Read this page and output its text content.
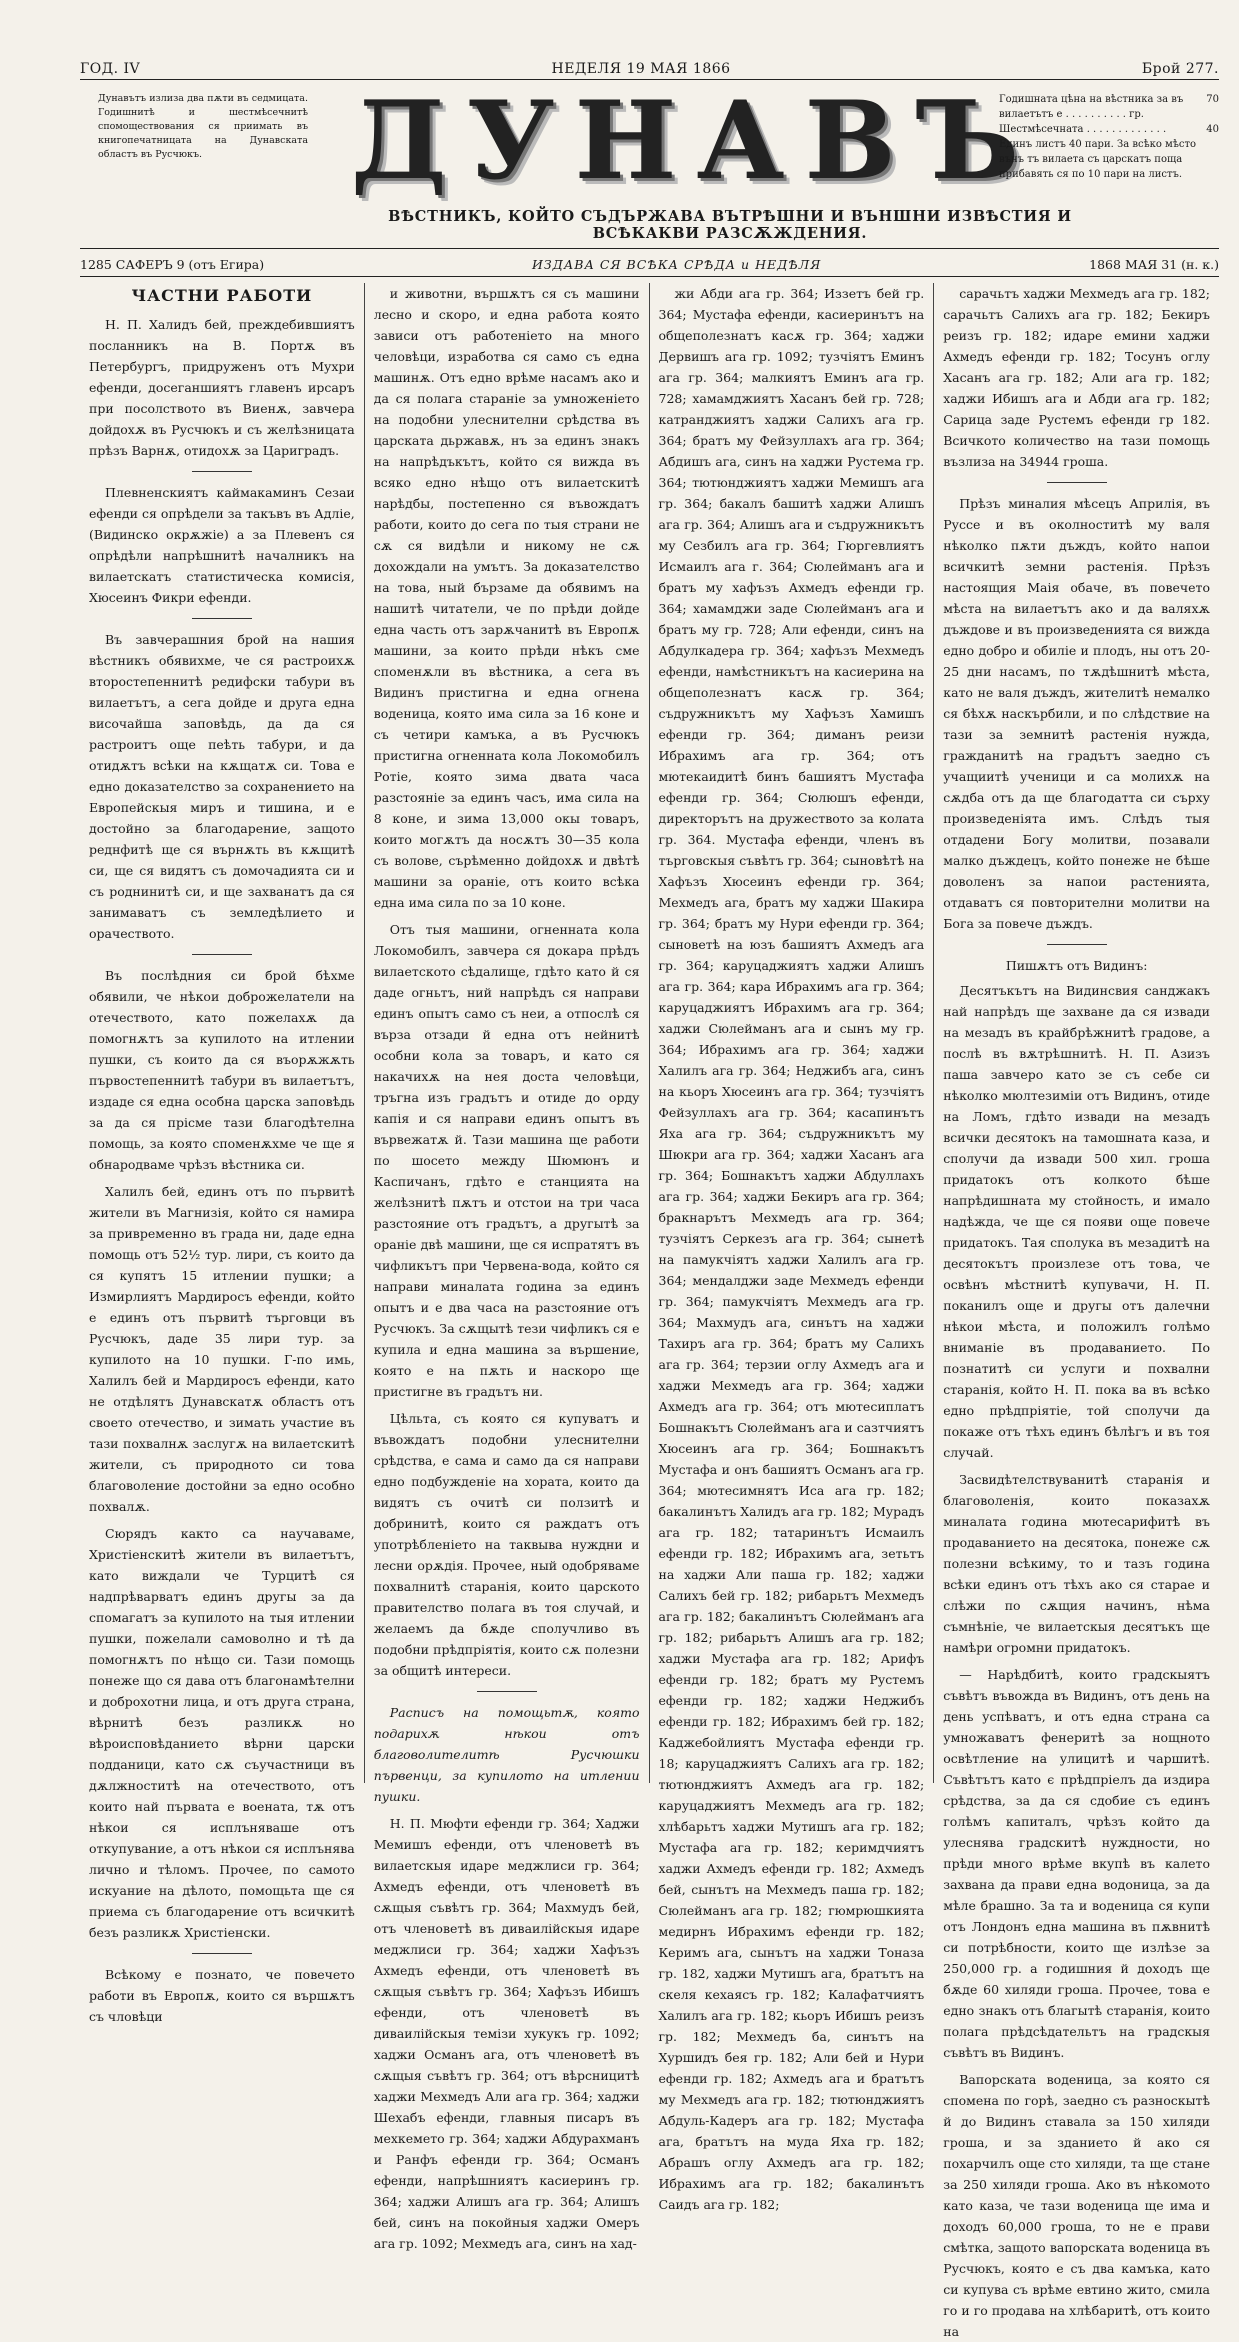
ГОД. IV	НЕДЕЛЯ 19 МАЯ 1866	Брой 277.
Дунавътъ излиза два пѫти въ седмицата. Годишнитѣ и шестмѣсечнитѣ спомоществования ся приимать въ книгопечатницата на Дунавската областъ въ Русчюкъ.	ДУНАВЪ
ВѢСТНИКЪ, КОЙТО СЪДЪРЖАВА ВЪТРѢШНИ И ВЪНШНИ ИЗВѢСТИЯ И ВСѢКАКВИ РАЗСѪЖДЕНИЯ.
Годишната цѣна на вѣстника за въ вилаетътъ е . . . . . . . . . . гр.
70
Шестмѣсечната . . . . . . . . . . . . .	40
Единъ листъ 40 пари. За всѣко мѣсто вънъ тъ вилаета съ царскатъ поща прибавять ся по 10 пари на листъ.
1285 САФЕРЪ 9 (отъ Егира)	ИЗДАВА СЯ ВСѢКА СРѢДА и НЕДѢЛЯ	1868 МАЯ 31 (н. к.)
ЧАСТНИ РАБОТИ

Н. П. Халидъ бей, преждебившиятъ посланникъ на В. Портѫ въ Петербургъ, придруженъ отъ Мухри ефенди, досеганшиятъ главенъ ирсаръ при посолството въ Виенѫ, завчера дойдохѫ въ Русчюкъ и съ желѣзницата прѣзъ Варнѫ, отидохѫ за Цариградъ.

Плевненскиятъ каймакаминъ Сезаи ефенди ся опрѣдели за такъвъ въ Адліе, (Видинско окрѫжіе) а за Плевенъ ся опрѣдѣли напрѣшнитѣ началникъ на вилаетскатъ статистическа комисія, Хюсеинъ Фикри ефенди.

Въ завчерашния брой на нашия вѣстникъ обявихме, че ся растроихѫ второстепеннитѣ редифски табури въ вилаетътъ, а сега дойде и друга една височайша заповѣдь, да да ся растроитъ още пеѣть табури, и да отидѫтъ всѣки на кѫщатѫ си. Това е едно доказателство за сохранението на Европейскыя миръ и тишина, и е достойно за благодарение, защото реднфитѣ ще ся върнѫть въ кѫщитѣ си, ще ся видятъ съ домочадията си и съ роднинитѣ си, и ще захванатъ да ся занимаватъ съ земледѣлието и орачеството.

Въ послѣдния си брой бѣхме обявили, че нѣкои доброжелатели на отечеството, като пожелахѫ да помогнѫтъ за купилото на итлении пушки, съ които да ся въорѫжѫть първостепеннитѣ табури въ вилаетътъ, издаде ся една особна царска заповѣдь за да ся прісме тази благодѣтелна помощь, за която споменѫхме че ще я обнародваме чрѣзъ вѣстника си.

Халилъ бей, единъ отъ по първитѣ жители въ Магнизія, който ся намира за привременно въ града ни, даде една помощь отъ 52½ тур. лири, съ които да ся купятъ 15 итлении пушки; а Измирлиятъ Мардиросъ ефенди, който е единъ отъ първитѣ търговци въ Русчюкъ, даде 35 лири тур. за купилото на 10 пушки. Г-по имь, Халилъ бей и Мардиросъ ефенди, като не отдѣлятъ Дунавскатѫ областъ отъ своето отечество, и зимать участие въ тази похвалнѫ заслугѫ на вилаетскитѣ жители, съ природното си това благоволение достойни за едно особно похвалѫ.

Сюрядъ както са научаваме, Христіенскитѣ жители въ вилаетътъ, като виждали че Турцитѣ ся надпрѣварватъ единъ другы за да спомагатъ за купилото на тыя итлении пушки, пожелали самоволно и тѣ да помогнѫтъ по нѣщо си. Тази помощь понеже що ся дава отъ благонамѣтелни и доброхотни лица, и отъ друга страна, вѣрнитѣ безъ разликѫ но вѣроисповѣданието вѣрни царски подданици, като сѫ съучастници въ дѫлжноститѣ на отечеството, отъ които най първата е воената, тѫ отъ нѣкои ся исплъняваше отъ откупувание, а отъ нѣкои ся исплънява лично и тѣломъ. Прочее, по самото искуание на дѣлото, помощьта ще ся приема съ благодарение отъ всичкитѣ безъ разликѫ Христіенски.

Всѣкому е познато, че повечето работи въ Европѫ, които ся вършѫтъ съ чловѣци

и животни, вършѫтъ ся съ машини лесно и скоро, и една работа която зависи отъ работеніето на много человѣци, изработва ся само съ една машинѫ. Отъ едно врѣме насамъ ако и да ся полага стараніе за умноженіето на подобни улеснителни срѣдства въ царската дьржавѫ, нъ за единъ знакъ на напрѣдъкътъ, който ся вижда въ всяко едно нѣщо отъ вилаетскитѣ нарѣдбы, постепенно ся въвождатъ работи, които до сега по тыя страни не сѫ ся видѣли и никому не сѫ дохождали на умътъ. За доказателство на това, ный бързаме да обявимъ на нашитѣ читатели, че по прѣди дойде една часть отъ зарѫчанитѣ въ Европѫ машини, за които прѣди нѣкъ сме споменѫли въ вѣстника, а сега въ Видинъ пристигна и една огнена воденица, която има сила за 16 коне и съ четири камъка, а въ Русчюкъ пристигна огненната кола Локомобилъ Ротіе, която зима двата часа разстояніе за единъ часъ, има сила на 8 коне, и зима 13,000 окы товаръ, които могѫтъ да носѫтъ 30—35 кола съ волове, сърѣменно дойдохѫ и двѣтѣ машини за оранiе, отъ които всѣка една има сила по за 10 коне.

Отъ тыя машини, огненната кола Локомобилъ, завчера ся докара прѣдъ вилаетското сѣдалище, гдѣто като й ся даде огньтъ, ний напрѣдъ ся направи единъ опытъ само съ неи, а отпослѣ ся върза отзади й една отъ нейнитѣ особни кола за товаръ, и като ся накачихѫ на нея доста человѣци, тръгна изъ градътъ и отиде до орду капiя и ся направи единъ опытъ въ вървежатѫ й. Тази машина ще работи по шосето между Шюмюнъ и Каспичанъ, гдѣто е станцията на желѣзнитѣ пѫтъ и отстои на три часа разстояние отъ градътъ, а другытѣ за оранiе двѣ машини, ще ся испратятъ въ чифликътъ при Червена-вода, който ся направи миналата година за единъ опытъ и е два часа на разстояние отъ Русчюкъ. За сѫщытѣ тези чифликъ ся е купила и една машина за вършение, която е на пѫть и наскоро ще пристигне въ градътъ ни.

Цѣльта, съ която ся купуватъ и въвождатъ подобни улеснителни срѣдства, е сама и само да ся направи едно подбужденіе на хората, които да видятъ съ очитѣ си ползитѣ и добринитѣ, които ся раждатъ отъ употрѣбленіето на таквыва нуждни и лесни орѫдія. Прочее, ный одобряваме похвалнитѣ старанія, които царското правителство полага въ тоя случай, и желаемъ да бѫде сполучливо въ подобни прѣдпріятія, които сѫ полезни за общитѣ интереси.

Расписъ на помощьтѫ, която подарихѫ нѣкои отъ благоволителитѣ Русчюшки първенци, за купилото на итлении пушки.

Н. П. Мюфти ефенди гр. 364; Хаджи Мемишъ ефенди, отъ членоветѣ въ вилаетскыя идаре меджлиси гр. 364; Ахмедъ ефенди, отъ членоветѣ въ сѫщыя съвѣтъ гр. 364; Махмудъ бей, отъ членоветѣ въ диваилійскыя идаре меджлиси гр. 364; хаджи Хафъзъ Ахмедъ ефенди, отъ членоветѣ въ сѫщыя съвѣтъ гр. 364; Хафъзъ Ибишъ ефенди, отъ членоветѣ въ диваилійскыя темізи хукукъ гр. 1092; хаджи Османъ ага, отъ членоветѣ въ сѫщыя съвѣтъ гр. 364; отъ вѣрсницитѣ хаджи Мехмедъ Али ага гр. 364; хаджи Шехабъ ефенди, главныя писаръ въ мехкемето гр. 364; хаджи Абдурахманъ и Ранфъ ефенди гр. 364; Османъ ефенди, напрѣшниятъ касиеринъ гр. 364; хаджи Алишъ ага гр. 364; Алишъ бей, синъ на покойныя хаджи Омеръ ага гр. 1092; Мехмедъ ага, синъ на хад-

жи Абди ага гр. 364; Иззетъ бей гр. 364; Мустафа ефенди, касиеринътъ на общеполезнатъ касѫ гр. 364; хаджи Дервишъ ага гр. 1092; тузчіятъ Еминъ ага гр. 364; малкиятъ Еминъ ага гр. 728; хамамджиятъ Хасанъ бей гр. 728; катранджиятъ хаджи Салихъ ага гр. 364; братъ му Фейзуллахъ ага гр. 364; Абдишъ ага, синъ на хаджи Рустема гр. 364; тютюнджиятъ хаджи Мемишъ ага гр. 364; бакалъ башитѣ хаджи Алишъ ага гр. 364; Алишъ ага и съдружникътъ му Сезбилъ ага гр. 364; Гюргевлиятъ Исмаилъ ага г. 364; Сюлейманъ ага и братъ му хафъзъ Ахмедъ ефенди гр. 364; хамамджи заде Сюлейманъ ага и братъ му гр. 728; Али ефенди, синъ на Абдулкадера гр. 364; хафъзъ Мехмедъ ефенди, намѣстникътъ на касиерина на общеполезнатъ касѫ гр. 364; съдружникътъ му Хафъзъ Хамишъ ефенди гр. 364; диманъ реизи Ибрахимъ ага гр. 364; отъ мютекаидитѣ бинъ башиятъ Мустафа ефенди гр. 364; Сюлюшъ ефенди, директорътъ на дружеството за колата гр. 364. Мустафа ефенди, членъ въ търговскыя съвѣтъ гр. 364; сыновѣтѣ на Хафъзъ Хюсеинъ ефенди гр. 364; Мехмедъ ага, братъ му хаджи Шакира гр. 364; братъ му Нури ефенди гр. 364; сыноветѣ на юзъ башиятъ Ахмедъ ага гр. 364; каруцаджиятъ хаджи Алишъ ага гр. 364; кара Ибрахимъ ага гр. 364; каруцаджиятъ Ибрахимъ ага гр. 364; хаджи Сюлейманъ ага и сынъ му гр. 364; Ибрахимъ ага гр. 364; хаджи Халилъ ага гр. 364; Неджибъ ага, синъ на кьоръ Хюсеинъ ага гр. 364; тузчіятъ Фейзуллахъ ага гр. 364; касапинътъ Яха ага гр. 364; съдружникътъ му Шюкри ага гр. 364; хаджи Хасанъ ага гр. 364; Бошнакътъ хаджи Абдуллахъ ага гр. 364; хаджи Бекиръ ага гр. 364; бракнарътъ Мехмедъ ага гр. 364; тузчіятъ Серкезъ ага гр. 364; сынетѣ на памукчіятъ хаджи Халилъ ага гр. 364; мендалджи заде Мехмедъ ефенди гр. 364; памукчіятъ Мехмедъ ага гр. 364; Махмудъ ага, синътъ на хаджи Тахиръ ага гр. 364; братъ му Салихъ ага гр. 364; терзии оглу Ахмедъ ага и хаджи Мехмедъ ага гр. 364; хаджи Ахмедъ ага гр. 364; отъ мютесиплатъ Бошнакътъ Сюлейманъ ага и сазтчиятъ Хюсеинъ ага гр. 364; Бошнакътъ Мустафа и онъ башиятъ Османъ ага гр. 364; мютесимнятъ Иса ага гр. 182; бакалинътъ Халидъ ага гр. 182; Мурадъ ага гр. 182; татаринътъ Исмаилъ ефенди гр. 182; Ибрахимъ ага, зетьтъ на хаджи Али паша гр. 182; хаджи Салихъ бей гр. 182; рибарьтъ Мехмедъ ага гр. 182; бакалинътъ Сюлейманъ ага гр. 182; рибарьтъ Алишъ ага гр. 182; хаджи Мустафа ага гр. 182; Арифъ ефенди гр. 182; братъ му Рустемъ ефенди гр. 182; хаджи Неджибъ ефенди гр. 182; Ибрахимъ бей гр. 182; Каджебойлиятъ Мустафа ефенди гр. 18; каруцаджиятъ Салихъ ага гр. 182; тютюнджиятъ Ахмедъ ага гр. 182; каруцаджиятъ Мехмедъ ага гр. 182; хлѣбарьтъ хаджи Мутишъ ага гр. 182; Мустафа ага гр. 182; керимдчиятъ хаджи Ахмедъ ефенди гр. 182; Ахмедъ бей, сынътъ на Мехмедъ паша гр. 182; Сюлейманъ ага гр. 182; гюмрюшкията медирнъ Ибрахимъ ефенди гр. 182; Керимъ ага, сынътъ на хаджи Тоназа гр. 182, хаджи Мутишъ ага, братътъ на скеля кехаясъ гр. 182; Калафатчиятъ Халилъ ага гр. 182; кьоръ Ибишъ реизъ гр. 182; Мехмедъ ба, синътъ на Хуршидъ бея гр. 182; Али бей и Нури ефенди гр. 182; Ахмедъ ага и братътъ му Мехмедъ ага гр. 182; тютюнджиятъ Абдуль-Кадеръ ага гр. 182; Мустафа ага, братътъ на муда Яха гр. 182; Абрашъ оглу Ахмедъ ага гр. 182; Ибрахимъ ага гр. 182; бакалинътъ Саидъ ага гр. 182;

сарачьтъ хаджи Мехмедъ ага гр. 182; сарачьтъ Салихъ ага гр. 182; Бекиръ реизъ гр. 182; идаре емини хаджи Ахмедъ ефенди гр. 182; Тосунъ оглу Хасанъ ага гр. 182; Али ага гр. 182; хаджи Ибишъ ага и Абди ага гр. 182; Сарица заде Рустемъ ефенди гр 182. Всичкото количество на тази помощь възлиза на 34944 гроша.

Прѣзъ миналия мѣсецъ Априлія, въ Руссе и въ околноститѣ му валя нѣколко пѫти дъждъ, който напои всичкитѣ земни растенія. Прѣзъ настоящия Маія обаче, въ повечето мѣста на вилаетътъ ако и да валяхѫ дъждове и въ произведенията ся вижда едно добро и обиліе и плодъ, ны отъ 20-25 дни насамъ, по тѫдѣшнитѣ мѣста, като не валя дъждъ, жителитѣ немалко ся бѣхѫ наскърбили, и по слѣдствие на тази за земнитѣ растенія нужда, гражданитѣ на градътъ заедно съ учащиитѣ ученици и са молихѫ на сѫдба отъ да ще благодатта си сърху произведеніята имъ. Слѣдъ тыя отдадени Богу молитви, позавали малко дъждецъ, който понеже не бѣше доволенъ за напои растенията, отдаватъ ся повторителни молитви на Бога за повече дъждъ.

Пишѫтъ отъ Видинъ:

Десятъкътъ на Видинсвия санджакъ най напрѣдъ ще захване да ся извади на мезадъ въ крайбрѣжнитѣ градове, а послѣ въ вѫтрѣшнитѣ. Н. П. Азизъ паша завчеро като зе съ себе си нѣколко мюлтезиміи отъ Видинъ, отиде на Ломъ, гдѣто извади на мезадъ всички десятокъ на тамошната каза, и сполучи да извади 500 хил. гроша придатокъ отъ колкото бѣше напрѣдишната му стойность, и имало надѣжда, че ще ся появи още повече придатокъ. Тая сполука въ мезадитѣ на десятокътъ произлезе отъ това, че освѣнъ мѣстнитѣ купувачи, Н. П. поканилъ още и другы отъ далечни нѣкои мѣста, и положилъ голѣмо вниманіе въ продаванието. По познатитѣ си услуги и похвални старанія, който Н. П. пока ва въ всѣко едно прѣдпріятіе, той сполучи да покаже отъ тѣхъ единъ бѣлѣгъ и въ тоя случай.

Засвидѣтелствуванитѣ старанія и благоволенія, които показахѫ миналата година мютесарифитѣ въ продаванието на десятока, понеже сѫ полезни всѣкиму, то и тазъ година всѣки единъ отъ тѣхъ ако ся стараe и слѣжи по сѫщия начинъ, нѣма съмнѣніе, че вилаетскыя десятъкъ ще намѣри огромни придатокъ.

— Нарѣдбитѣ, които градскыятъ съвѣтъ въвожда въ Видинъ, отъ день на день успѣватъ, и отъ една страна са умножаватъ фенеритѣ за нощното освѣтление на улицитѣ и чаршитѣ. Съвѣтътъ като є прѣдпріелъ да издира срѣдства, за да ся сдобие съ единъ голѣмъ капиталъ, чрѣзъ който да улеснява градскитѣ нуждности, но прѣди много врѣме вкупѣ въ калето захвана да прави една водоница, за да мѣле брашно. За та и воденица ся купи отъ Лондонъ една машина въ пѫвнитѣ си потрѣбности, които ще излѣзе за 250,000 гр. а годишния й доходъ ще бѫде 60 хиляди гроша. Прочее, това е едно знакъ отъ благытѣ старанія, които полага прѣдсѣдательтъ на градскыя съвѣтъ въ Видинъ.

Вапорската воденица, за която ся спомена по горѣ, заедно съ разноскытѣ й до Видинъ ставала за 150 хиляди гроша, и за зданието й ако ся похарчилъ още сто хиляди, та ще стане за 250 хиляди гроша. Ако въ нѣкомото като каза, че тази воденица ще има и доходъ 60,000 гроша, то не е прави смѣтка, защото вапорската воденица въ Русчюкъ, която е съ два камъка, като си купува съ врѣме евтино жито, смила го и го продава на хлѣбаритѣ, отъ които на
